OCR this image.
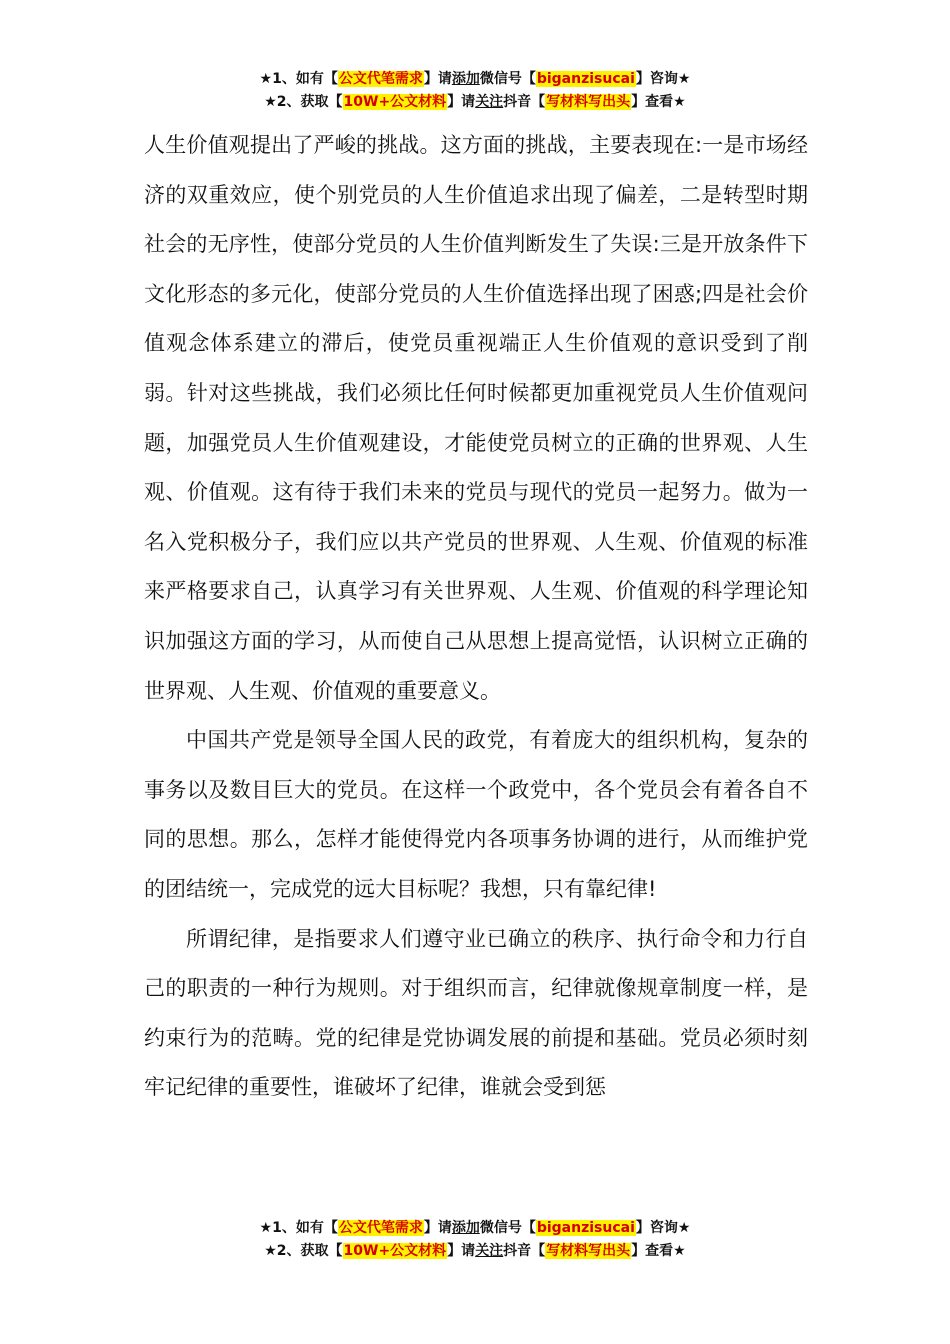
★1、如有【公文代笔需求】请添加微信号【biganzisucai】咨询★
★2、获取【10W+公文材料】请关注抖音【写材料写出头】查看★

人生价值观提出了严峻的挑战。这方面的挑战，主要表现在:一是市场经济的双重效应，使个别党员的人生价值追求出现了偏差，二是转型时期社会的无序性，使部分党员的人生价值判断发生了失误:三是开放条件下文化形态的多元化，使部分党员的人生价值选择出现了困惑;四是社会价值观念体系建立的滞后，使党员重视端正人生价值观的意识受到了削弱。针对这些挑战，我们必须比任何时候都更加重视党员人生价值观问题，加强党员人生价值观建设，才能使党员树立的正确的世界观、人生观、价值观。这有待于我们未来的党员与现代的党员一起努力。做为一名入党积极分子，我们应以共产党员的世界观、人生观、价值观的标准来严格要求自己，认真学习有关世界观、人生观、价值观的科学理论知识加强这方面的学习，从而使自己从思想上提高觉悟，认识树立正确的世界观、人生观、价值观的重要意义。

中国共产党是领导全国人民的政党，有着庞大的组织机构，复杂的事务以及数目巨大的党员。在这样一个政党中，各个党员会有着各自不同的思想。那么，怎样才能使得党内各项事务协调的进行，从而维护党的团结统一，完成党的远大目标呢？我想，只有靠纪律!

所谓纪律，是指要求人们遵守业已确立的秩序、执行命令和力行自己的职责的一种行为规则。对于组织而言，纪律就像规章制度一样，是约束行为的范畴。党的纪律是党协调发展的前提和基础。党员必须时刻牢记纪律的重要性，谁破坏了纪律，谁就会受到惩

★1、如有【公文代笔需求】请添加微信号【biganzisucai】咨询★
★2、获取【10W+公文材料】请关注抖音【写材料写出头】查看★
